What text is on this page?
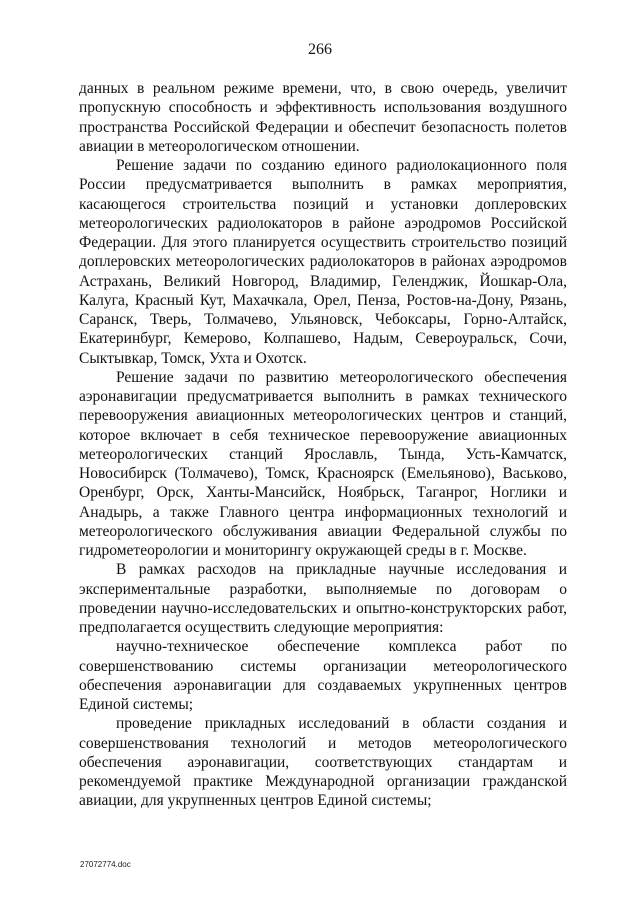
266

данных в реальном режиме времени, что, в свою очередь, увеличит пропускную способность и эффективность использования воздушного пространства Российской Федерации и обеспечит безопасность полетов авиации в метеорологическом отношении.

Решение задачи по созданию единого радиолокационного поля России предусматривается выполнить в рамках мероприятия, касающегося строительства позиций и установки доплеровских метеорологических радиолокаторов в районе аэродромов Российской Федерации. Для этого планируется осуществить строительство позиций доплеровских метеорологических радиолокаторов в районах аэродромов Астрахань, Великий Новгород, Владимир, Геленджик, Йошкар-Ола, Калуга, Красный Кут, Махачкала, Орел, Пенза, Ростов-на-Дону, Рязань, Саранск, Тверь, Толмачево, Ульяновск, Чебоксары, Горно-Алтайск, Екатеринбург, Кемерово, Колпашево, Надым, Североуральск, Сочи, Сыктывкар, Томск, Ухта и Охотск.

Решение задачи по развитию метеорологического обеспечения аэронавигации предусматривается выполнить в рамках технического перевооружения авиационных метеорологических центров и станций, которое включает в себя техническое перевооружение авиационных метеорологических станций Ярославль, Тында, Усть-Камчатск, Новосибирск (Толмачево), Томск, Красноярск (Емельяново), Васьково, Оренбург, Орск, Ханты-Мансийск, Ноябрьск, Таганрог, Ноглики и Анадырь, а также Главного центра информационных технологий и метеорологического обслуживания авиации Федеральной службы по гидрометеорологии и мониторингу окружающей среды в г. Москве.

В рамках расходов на прикладные научные исследования и экспериментальные разработки, выполняемые по договорам о проведении научно-исследовательских и опытно-конструкторских работ, предполагается осуществить следующие мероприятия:

научно-техническое обеспечение комплекса работ по совершенствованию системы организации метеорологического обеспечения аэронавигации для создаваемых укрупненных центров Единой системы;

проведение прикладных исследований в области создания и совершенствования технологий и методов метеорологического обеспечения аэронавигации, соответствующих стандартам и рекомендуемой практике Международной организации гражданской авиации, для укрупненных центров Единой системы;

27072774.doc
